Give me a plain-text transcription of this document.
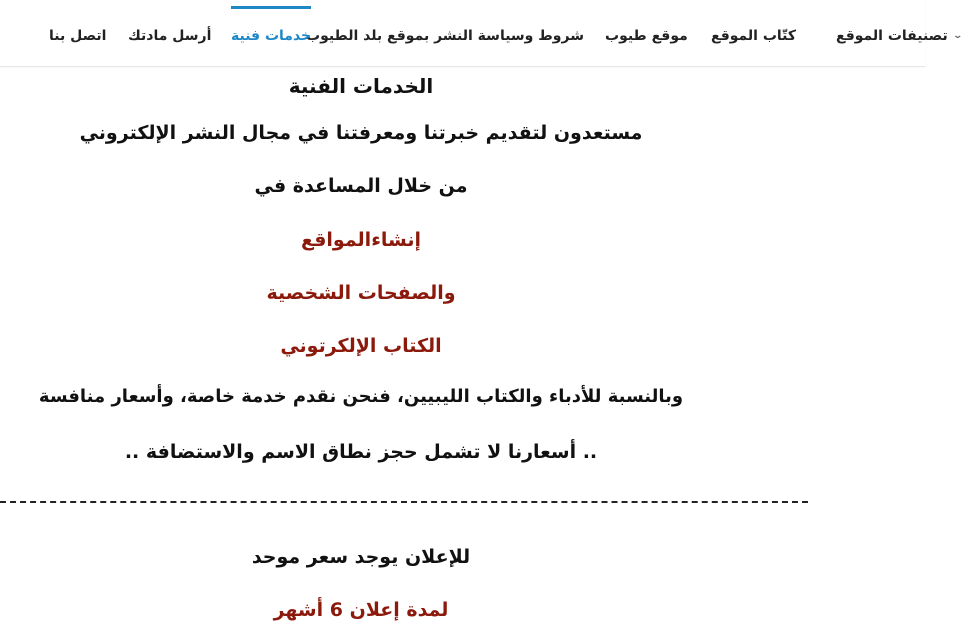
⌄تصنيفات الموقع
كتّاب الموقع
موقع طيوب
شروط وسياسة النشر بموقع بلد الطيوب
خدمات فنية
أرسل مادتك
اتصل بنا
الخدمات الفنية
مستعدون لتقديم خبرتنا ومعرفتنا في مجال النشر الإلكتروني
من خلال المساعدة في
إنشاءالمواقع
والصفحات الشخصية
الكتاب الإلكرتوني
وبالنسبة للأدباء والكتاب الليبيين، فنحن نقدم خدمة خاصة، وأسعار منافسة
.. أسعارنا لا تشمل حجز نطاق الاسم والاستضافة ..
للإعلان يوجد سعر موحد
لمدة إعلان 6 أشهر
